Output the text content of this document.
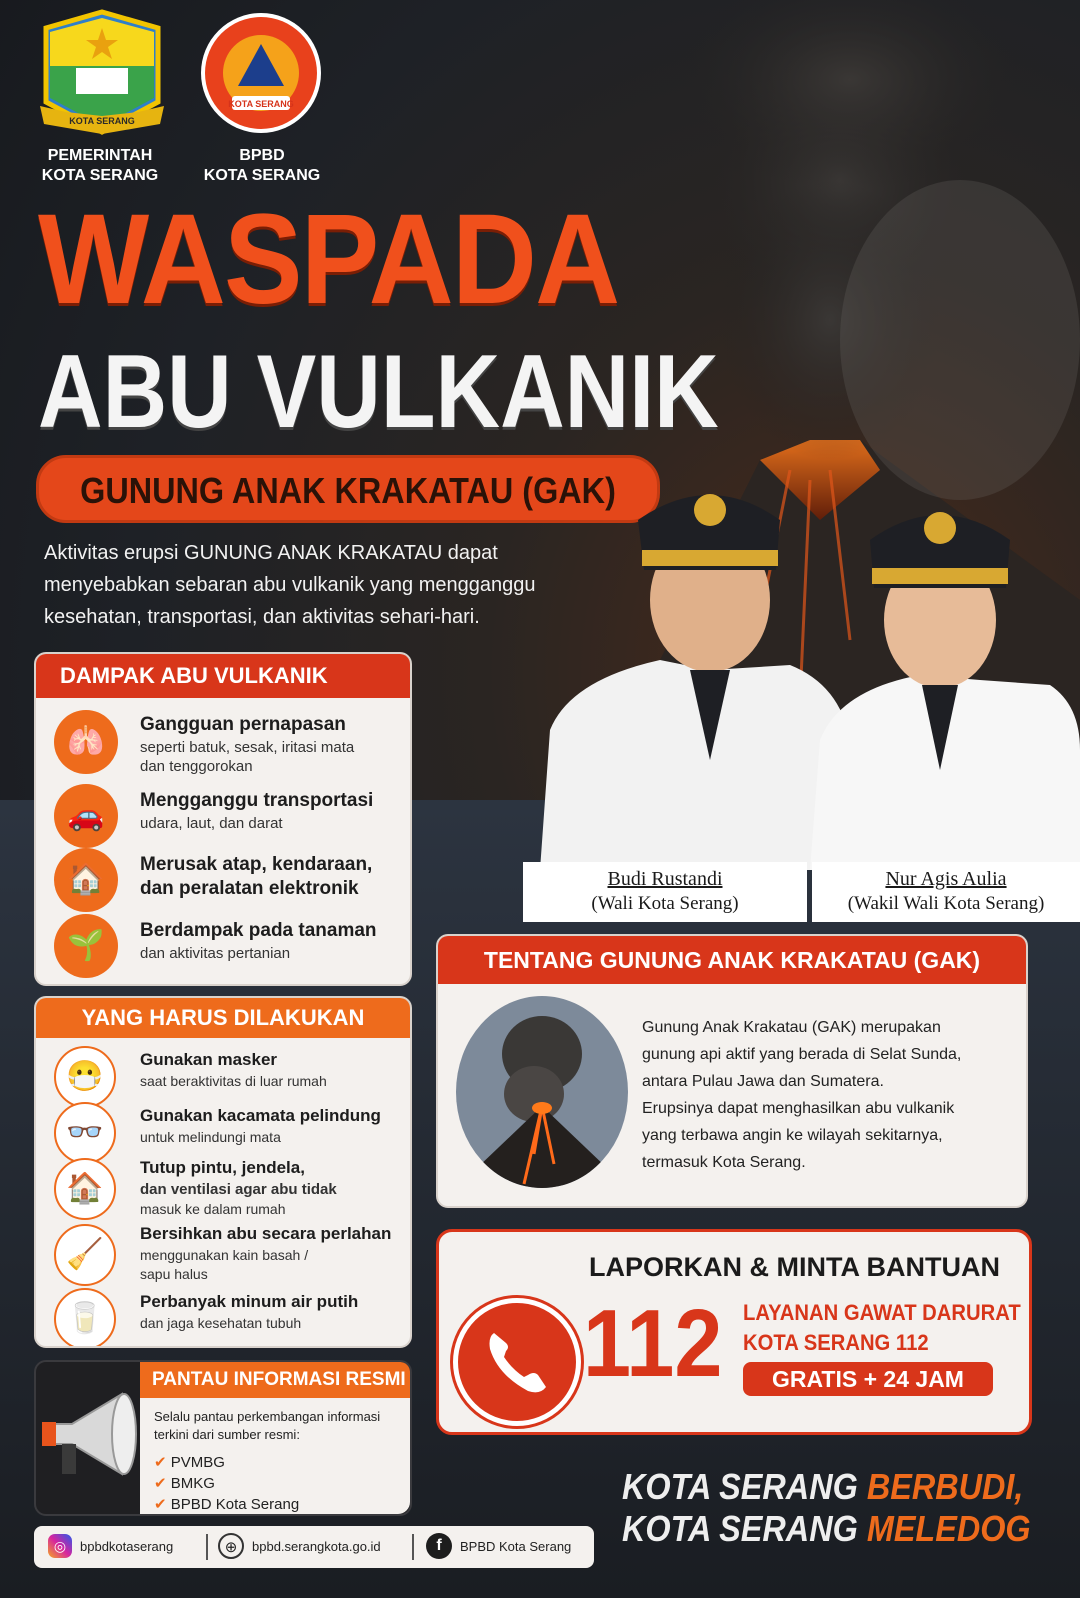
KOTA SERANG
PEMERINTAH
KOTA SERANG
KOTA SERANG
BPBD
KOTA SERANG
WASPADA
ABU VULKANIK
GUNUNG ANAK KRAKATAU (GAK)
Aktivitas erupsi GUNUNG ANAK KRAKATAU dapat
menyebabkan sebaran abu vulkanik yang mengganggu
kesehatan, transportasi, dan aktivitas sehari-hari.
Budi Rustandi
(Wali Kota Serang)
Nur Agis Aulia
(Wakil Wali Kota Serang)
DAMPAK ABU VULKANIK
🫁
Gangguan pernapasan
seperti batuk, sesak, iritasi mata
dan tenggorokan
🚗	Mengganggu transportasi
udara, laut, dan darat
🏠	Merusak atap, kendaraan,
dan peralatan elektronik
🌱	Berdampak pada tanaman
dan aktivitas pertanian
YANG HARUS DILAKUKAN
😷
Gunakan masker
saat beraktivitas di luar rumah
👓
Gunakan kacamata pelindung
untuk melindungi mata
🏠
Tutup pintu, jendela,
dan ventilasi agar abu tidak
masuk ke dalam rumah
🧹
Bersihkan abu secara perlahan
menggunakan kain basah /
sapu halus
🥛
Perbanyak minum air putih
dan jaga kesehatan tubuh
PANTAU INFORMASI RESMI
Selalu pantau perkembangan informasi
terkini dari sumber resmi:
✔ PVMBG
✔ BMKG
✔ BPBD Kota Serang
TENTANG GUNUNG ANAK KRAKATAU (GAK)
Gunung Anak Krakatau (GAK) merupakan
gunung api aktif yang berada di Selat Sunda,
antara Pulau Jawa dan Sumatera.
Erupsinya dapat menghasilkan abu vulkanik
yang terbawa angin ke wilayah sekitarnya,
termasuk Kota Serang.
LAPORKAN & MINTA BANTUAN
112 LAYANAN GAWAT DARURAT
KOTA SERANG 112
GRATIS + 24 JAM
KOTA SERANG BERBUDI,
KOTA SERANG MELEDOG
◎	bpbdkotaserang	⊕	bpbd.serangkota.go.id	f	BPBD Kota Serang
